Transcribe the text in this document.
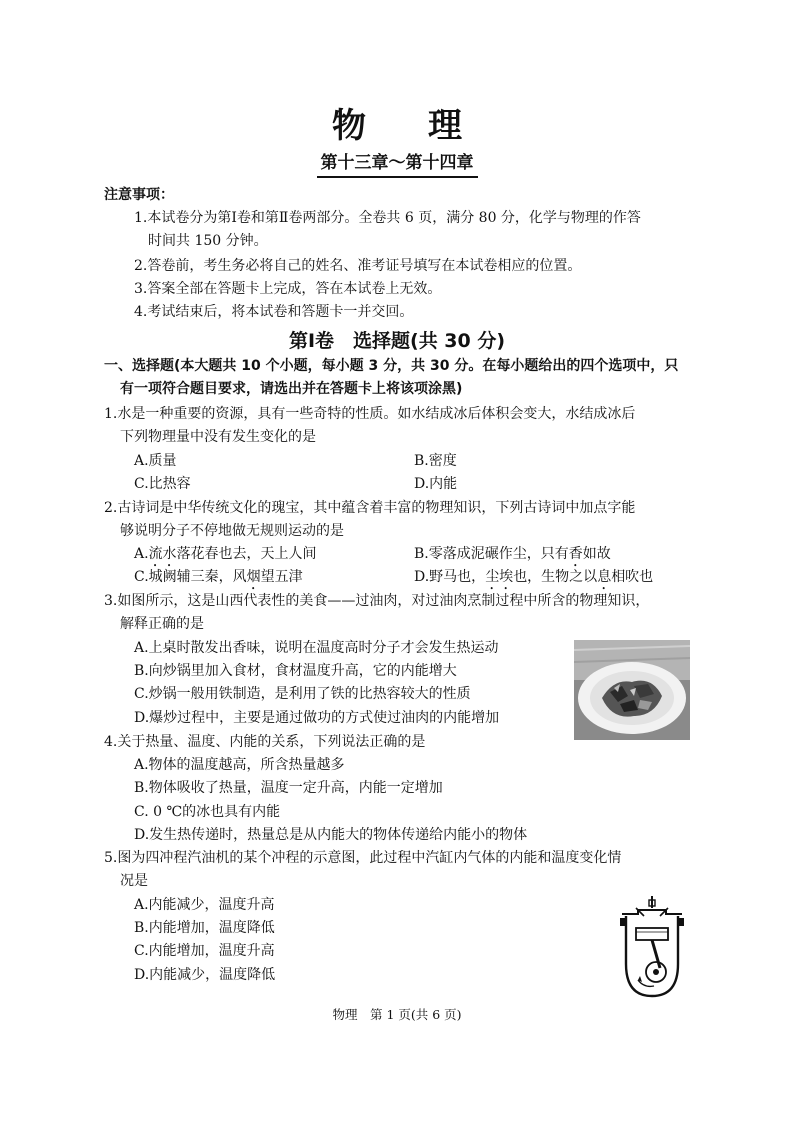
物理
第十三章～第十四章
注意事项：
1.本试卷分为第Ⅰ卷和第Ⅱ卷两部分。全卷共 6 页，满分 80 分，化学与物理的作答
时间共 150 分钟。
2.答卷前，考生务必将自己的姓名、准考证号填写在本试卷相应的位置。
3.答案全部在答题卡上完成，答在本试卷上无效。
4.考试结束后，将本试卷和答题卡一并交回。
第Ⅰ卷　选择题(共 30 分)
一、选择题(本大题共 10 个小题，每小题 3 分，共 30 分。在每小题给出的四个选项中，只
有一项符合题目要求，请选出并在答题卡上将该项涂黑)
1.水是一种重要的资源，具有一些奇特的性质。如水结成冰后体积会变大，水结成冰后
下列物理量中没有发生变化的是
A.质量	B.密度
C.比热容	D.内能
2.古诗词是中华传统文化的瑰宝，其中蕴含着丰富的物理知识，下列古诗词中加点字能
够说明分子不停地做无规则运动的是
A.流水落花春也去，天上人间	B.零落成泥碾作尘，只有香如故
C.城阙辅三秦，风烟望五津	D.野马也，尘埃也，生物之以息相吹也
3.如图所示，这是山西代表性的美食——过油肉，对过油肉烹制过程中所含的物理知识，
解释正确的是
A.上桌时散发出香味，说明在温度高时分子才会发生热运动
B.向炒锅里加入食材，食材温度升高，它的内能增大
C.炒锅一般用铁制造，是利用了铁的比热容较大的性质
D.爆炒过程中，主要是通过做功的方式使过油肉的内能增加
4.关于热量、温度、内能的关系，下列说法正确的是
A.物体的温度越高，所含热量越多
B.物体吸收了热量，温度一定升高，内能一定增加
C. 0 ℃的冰也具有内能
D.发生热传递时，热量总是从内能大的物体传递给内能小的物体
5.图为四冲程汽油机的某个冲程的示意图，此过程中汽缸内气体的内能和温度变化情
况是
A.内能减少，温度升高
B.内能增加，温度降低
C.内能增加，温度升高
D.内能减少，温度降低
物理　第 1 页(共 6 页)
